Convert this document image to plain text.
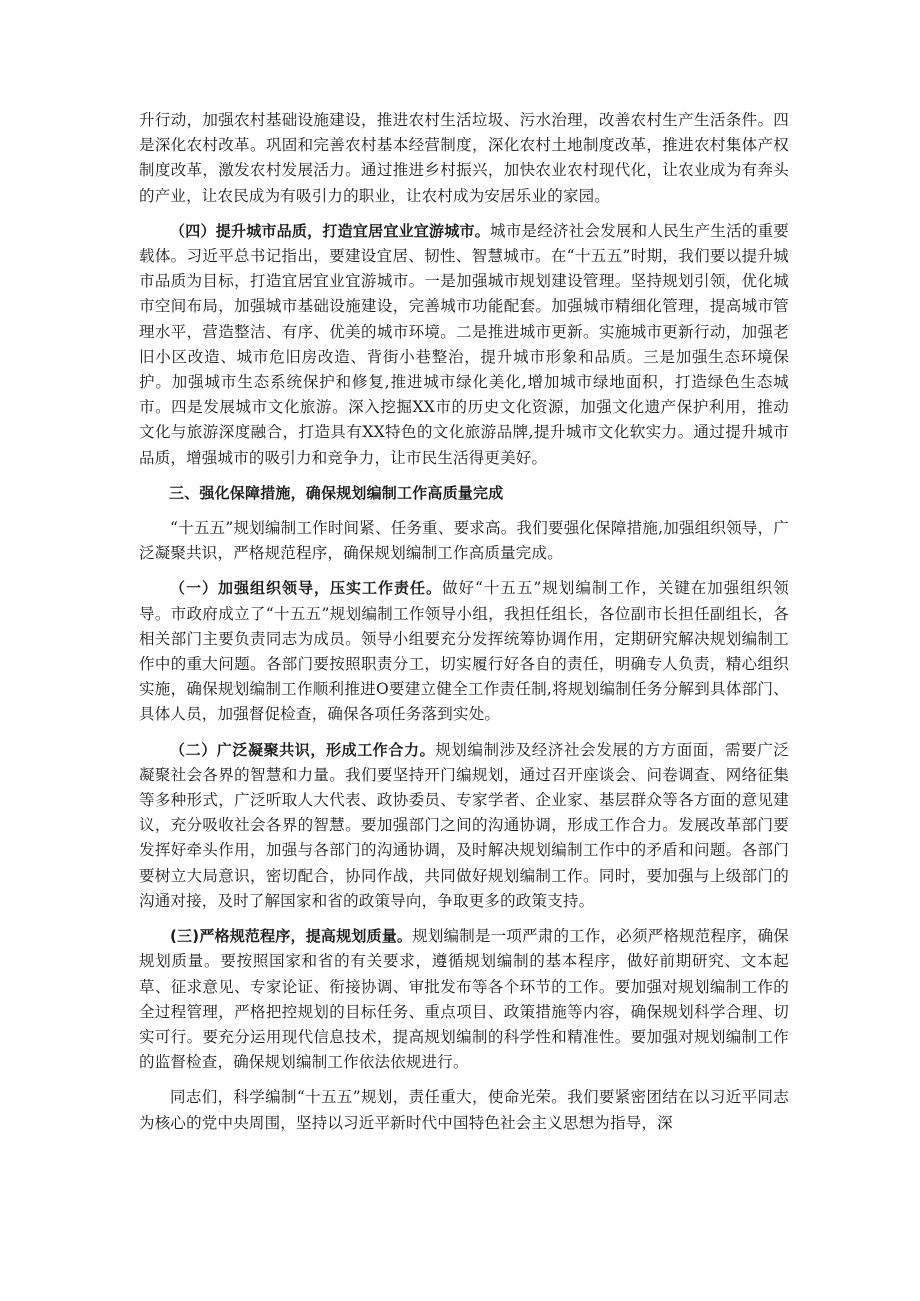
升行动，加强农村基础设施建设，推进农村生活垃圾、污水治理，改善农村生产生活条件。四是深化农村改革。巩固和完善农村基本经营制度，深化农村土地制度改革，推进农村集体产权制度改革，激发农村发展活力。通过推进乡村振兴，加快农业农村现代化，让农业成为有奔头的产业，让农民成为有吸引力的职业，让农村成为安居乐业的家园。

（四）提升城市品质，打造宜居宜业宜游城市。城市是经济社会发展和人民生产生活的重要载体。习近平总书记指出，要建设宜居、韧性、智慧城市。在“十五五”时期，我们要以提升城市品质为目标，打造宜居宜业宜游城市。一是加强城市规划建设管理。坚持规划引领，优化城市空间布局，加强城市基础设施建设，完善城市功能配套。加强城市精细化管理，提高城市管理水平，营造整洁、有序、优美的城市环境。二是推进城市更新。实施城市更新行动，加强老旧小区改造、城市危旧房改造、背街小巷整治，提升城市形象和品质。三是加强生态环境保护。加强城市生态系统保护和修复,推进城市绿化美化,增加城市绿地面积，打造绿色生态城市。四是发展城市文化旅游。深入挖掘XX市的历史文化资源，加强文化遗产保护利用，推动文化与旅游深度融合，打造具有XX特色的文化旅游品牌,提升城市文化软实力。通过提升城市品质，增强城市的吸引力和竞争力，让市民生活得更美好。

三、强化保障措施，确保规划编制工作高质量完成

“十五五”规划编制工作时间紧、任务重、要求高。我们要强化保障措施,加强组织领导，广泛凝聚共识，严格规范程序，确保规划编制工作高质量完成。

（一）加强组织领导，压实工作责任。做好“十五五”规划编制工作，关键在加强组织领导。市政府成立了“十五五”规划编制工作领导小组，我担任组长，各位副市长担任副组长，各相关部门主要负责同志为成员。领导小组要充分发挥统筹协调作用，定期研究解决规划编制工作中的重大问题。各部门要按照职责分工，切实履行好各自的责任，明确专人负责，精心组织实施，确保规划编制工作顺利推进O要建立健全工作责任制,将规划编制任务分解到具体部门、具体人员，加强督促检查，确保各项任务落到实处。

（二）广泛凝聚共识，形成工作合力。规划编制涉及经济社会发展的方方面面，需要广泛凝聚社会各界的智慧和力量。我们要坚持开门编规划，通过召开座谈会、问卷调查、网络征集等多种形式，广泛听取人大代表、政协委员、专家学者、企业家、基层群众等各方面的意见建议，充分吸收社会各界的智慧。要加强部门之间的沟通协调，形成工作合力。发展改革部门要发挥好牵头作用，加强与各部门的沟通协调，及时解决规划编制工作中的矛盾和问题。各部门要树立大局意识，密切配合，协同作战，共同做好规划编制工作。同时，要加强与上级部门的沟通对接，及时了解国家和省的政策导向，争取更多的政策支持。

(三)严格规范程序，提高规划质量。规划编制是一项严肃的工作，必须严格规范程序，确保规划质量。要按照国家和省的有关要求，遵循规划编制的基本程序，做好前期研究、文本起草、征求意见、专家论证、衔接协调、审批发布等各个环节的工作。要加强对规划编制工作的全过程管理，严格把控规划的目标任务、重点项目、政策措施等内容，确保规划科学合理、切实可行。要充分运用现代信息技术，提高规划编制的科学性和精准性。要加强对规划编制工作的监督检查，确保规划编制工作依法依规进行。

同志们，科学编制“十五五”规划，责任重大，使命光荣。我们要紧密团结在以习近平同志为核心的党中央周围，坚持以习近平新时代中国特色社会主义思想为指导，深
